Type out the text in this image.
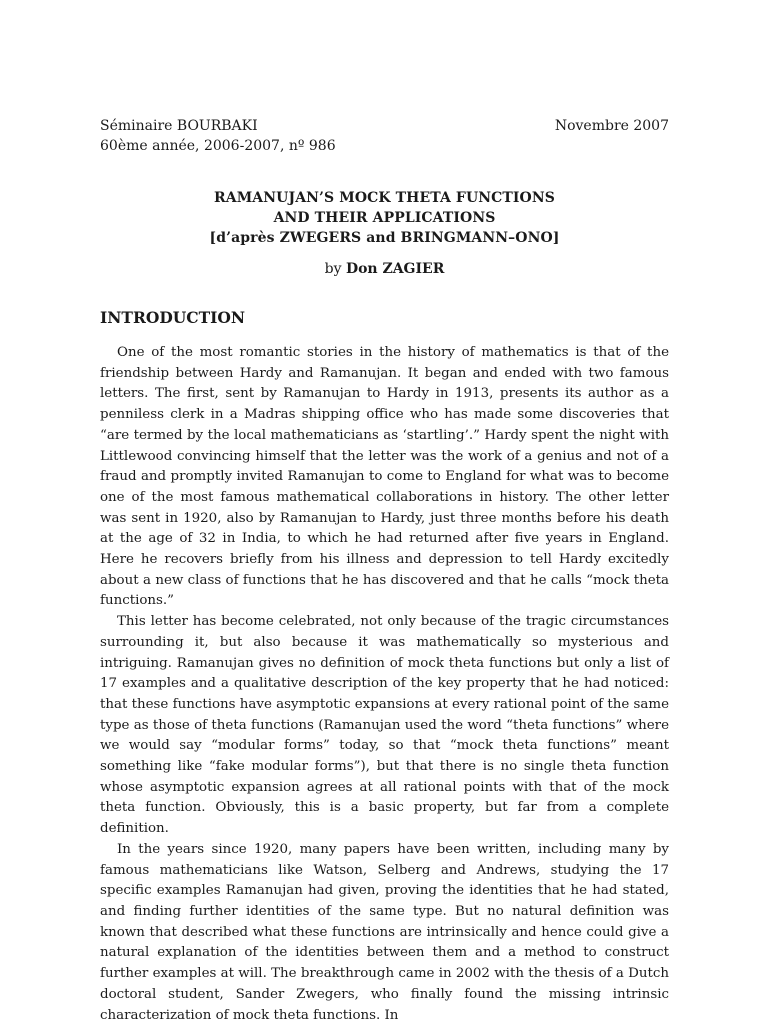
Séminaire BOURBAKI
60ème année, 2006-2007, nº 986
Novembre 2007
RAMANUJAN’S MOCK THETA FUNCTIONS
AND THEIR APPLICATIONS
[d’après ZWEGERS and BRINGMANN–ONO]
by Don ZAGIER
INTRODUCTION

One of the most romantic stories in the history of mathematics is that of the friendship between Hardy and Ramanujan. It began and ended with two famous letters. The first, sent by Ramanujan to Hardy in 1913, presents its author as a penniless clerk in a Madras shipping office who has made some discoveries that “are termed by the local mathematicians as ‘startling’.” Hardy spent the night with Littlewood convincing himself that the letter was the work of a genius and not of a fraud and promptly invited Ramanujan to come to England for what was to become one of the most famous mathematical collaborations in history. The other letter was sent in 1920, also by Ramanujan to Hardy, just three months before his death at the age of 32 in India, to which he had returned after five years in England. Here he recovers briefly from his illness and depression to tell Hardy excitedly about a new class of functions that he has discovered and that he calls “mock theta functions.”

This letter has become celebrated, not only because of the tragic circumstances surrounding it, but also because it was mathematically so mysterious and intriguing. Ramanujan gives no definition of mock theta functions but only a list of 17 examples and a qualitative description of the key property that he had noticed: that these functions have asymptotic expansions at every rational point of the same type as those of theta functions (Ramanujan used the word “theta functions” where we would say “modular forms” today, so that “mock theta functions” meant something like “fake modular forms”), but that there is no single theta function whose asymptotic expansion agrees at all rational points with that of the mock theta function. Obviously, this is a basic property, but far from a complete definition.

In the years since 1920, many papers have been written, including many by famous mathematicians like Watson, Selberg and Andrews, studying the 17 specific examples Ramanujan had given, proving the identities that he had stated, and finding further identities of the same type. But no natural definition was known that described what these functions are intrinsically and hence could give a natural explanation of the identities between them and a method to construct further examples at will. The breakthrough came in 2002 with the thesis of a Dutch doctoral student, Sander Zwegers, who finally found the missing intrinsic characterization of mock theta functions. In
